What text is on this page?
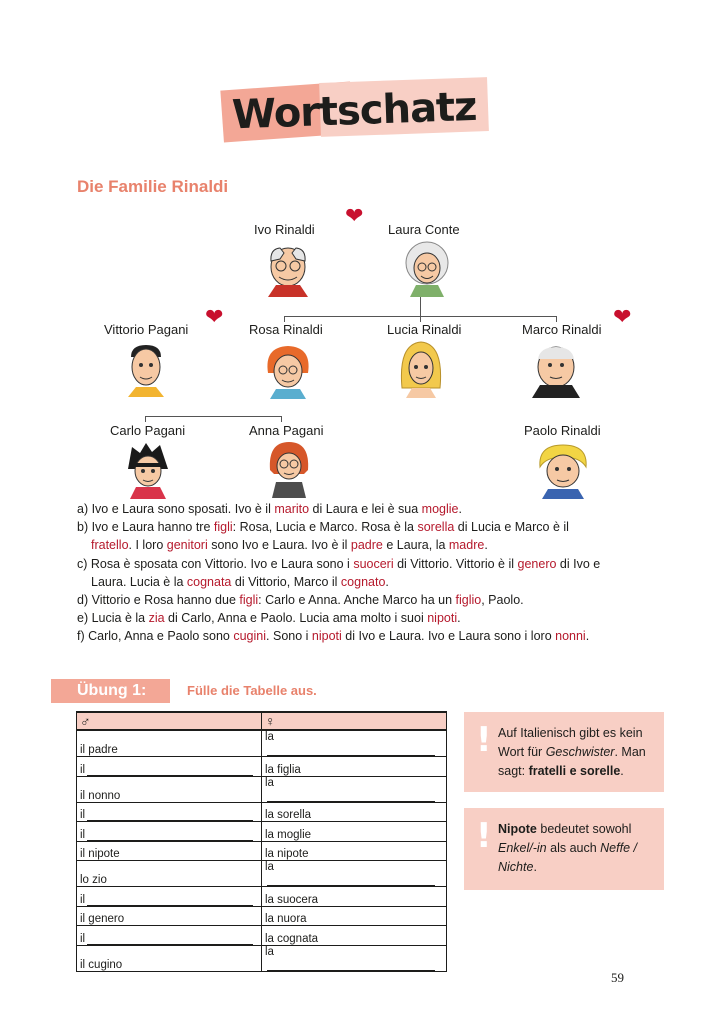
Wortschatz
Die Familie Rinaldi
Ivo Rinaldi	Laura Conte
Vittorio Pagani	Rosa Rinaldi	Lucia Rinaldi	Marco Rinaldi
Carlo Pagani	Anna Pagani	Paolo Rinaldi
❤
❤	❤

a) Ivo e Laura sono sposati. Ivo è il marito di Laura e lei è sua moglie.

b) Ivo e Laura hanno tre figli: Rosa, Lucia e Marco. Rosa è la sorella di Lucia e Marco è il

fratello. I loro genitori sono Ivo e Laura. Ivo è il padre e Laura, la madre.

c) Rosa è sposata con Vittorio. Ivo e Laura sono i suoceri di Vittorio. Vittorio è il genero di Ivo e

Laura. Lucia è la cognata di Vittorio, Marco il cognato.

d) Vittorio e Rosa hanno due figli: Carlo e Anna. Anche Marco ha un figlio, Paolo.

e) Lucia è la zia di Carlo, Anna e Paolo. Lucia ama molto i suoi nipoti.

f) Carlo, Anna e Paolo sono cugini. Sono i nipoti di Ivo e Laura. Ivo e Laura sono i loro nonni.

Übung 1:	Fülle die Tabelle aus.
♂	♀
il padre	la
il	la figlia
il nonno	la
il	la sorella
il	la moglie
il nipote	la nipote
lo zio	la
il	la suocera
il genero	la nuora
il	la cognata
il cugino	la
! Auf Italienisch gibt es kein Wort für Geschwister. Man sagt: fratelli e sorelle.
! Nipote bedeutet sowohl Enkel/-in als auch Neffe / Nichte.
59
